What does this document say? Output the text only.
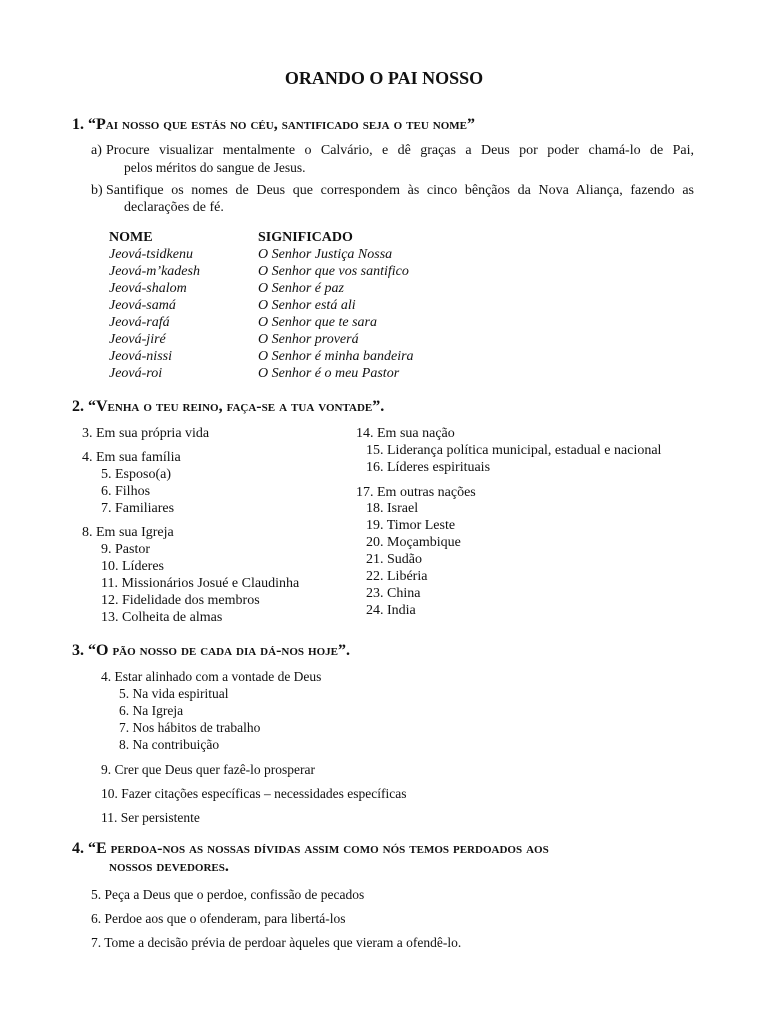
ORANDO O PAI NOSSO
1. “Pai nosso que estás no céu, santificado seja o teu nome”
a) Procure visualizar mentalmente o Calvário, e dê graças a Deus por poder chamá-lo de Pai,
pelos méritos do sangue de Jesus.
b) Santifique os nomes de Deus que correspondem às cinco bênçãos da Nova Aliança, fazendo as
declarações de fé.
NOME	SIGNIFICADO
Jeová-tsidkenu	O Senhor Justiça Nossa
Jeová-m’kadesh	O Senhor que vos santifico
Jeová-shalom	O Senhor é paz
Jeová-samá	O Senhor está ali
Jeová-rafá	O Senhor que te sara
Jeová-jiré	O Senhor proverá
Jeová-nissi	O Senhor é minha bandeira
Jeová-roi	O Senhor é o meu Pastor
2. “Venha o teu reino, faça-se a tua vontade”.
3. Em sua própria vida
4. Em sua família
5. Esposo(a)
6. Filhos
7. Familiares
8. Em sua Igreja
9. Pastor
10. Líderes
11. Missionários Josué e Claudinha
12. Fidelidade dos membros
13. Colheita de almas
14. Em sua nação
15. Liderança política municipal, estadual e nacional
16. Líderes espirituais
17. Em outras nações
18. Israel
19. Timor Leste
20. Moçambique
21. Sudão
22. Libéria
23. China
24. India
3. “O pão nosso de cada dia dá-nos hoje”.
4. Estar alinhado com a vontade de Deus
5. Na vida espiritual
6. Na Igreja
7. Nos hábitos de trabalho
8. Na contribuição
9. Crer que Deus quer fazê-lo prosperar
10. Fazer citações específicas – necessidades específicas
11. Ser persistente
4. “E perdoa-nos as nossas dívidas assim como nós temos perdoados aos
nossos devedores.
5. Peça a Deus que o perdoe, confissão de pecados
6. Perdoe aos que o ofenderam, para libertá-los
7. Tome a decisão prévia de perdoar àqueles que vieram a ofendê-lo.
